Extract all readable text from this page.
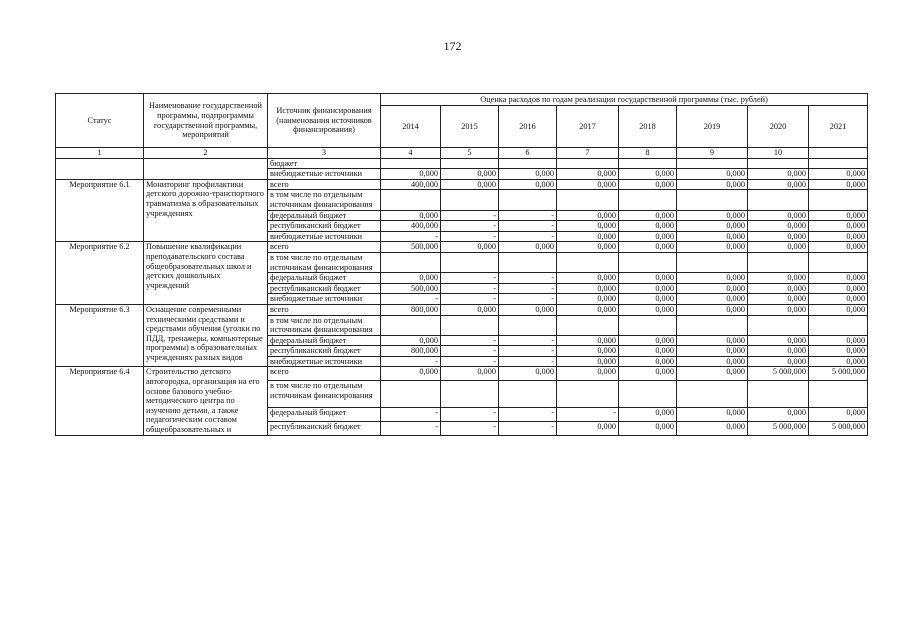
172
Статус	Наименование государственной программы, подпрограммы государственной программы, мероприятий	Источник финансирования (наименования источников финансирования)	Оценка расходов по годам реализации государственной программы (тыс. рублей)							
			2014	2015	2016	2017	2018	2019	2020	2021
1	2	3	4	5	6	7	8	9	10	
		бюджет								
		внебюджетные источники	0,000	0,000	0,000	0,000	0,000	0,000	0,000	0,000
Мероприятие 6.1	Мониторинг профилактики детского дорожно-транспортного травматизма в образовательных учреждениях	всего	400,000	0,000	0,000	0,000	0,000	0,000	0,000	0,000
		в том числе по отдельным источникам финансирования								
		федеральный бюджет	0,000	-	-	0,000	0,000	0,000	0,000	0,000
		республиканский бюджет	400,000	-	-	0,000	0,000	0,000	0,000	0,000
		внебюджетные источники	-	-	-	0,000	0,000	0,000	0,000	0,000
Мероприятие 6.2	Повышение квалификации преподавательского состава общеобразовательных школ и детских дошкольных учреждений	всего	500,000	0,000	0,000	0,000	0,000	0,000	0,000	0,000
		в том числе по отдельным источникам финансирования								
		федеральный бюджет	0,000	-	-	0,000	0,000	0,000	0,000	0,000
		республиканский бюджет	500,000	-	-	0,000	0,000	0,000	0,000	0,000
		внебюджетные источники	-	-	-	0,000	0,000	0,000	0,000	0,000
Мероприятие 6.3	Оснащение современными техническими средствами и средствами обучения (уголки по ПДД, тренажеры, компьютерные программы) в образовательных учреждениях разных видов	всего	800,000	0,000	0,000	0,000	0,000	0,000	0,000	0,000
		в том числе по отдельным источникам финансирования								
		федеральный бюджет	0,000	-	-	0,000	0,000	0,000	0,000	0,000
		республиканский бюджет	800,000	-	-	0,000	0,000	0,000	0,000	0,000
		внебюджетные источники	-	-	-	0,000	0,000	0,000	0,000	0,000
Мероприятие 6.4	Строительство детского автогородка, организация на его основе базового учебно-методического центра по изучению детьми, а также педагогическим составом общеобразовательных и	всего	0,000	0,000	0,000	0,000	0,000	0,000	5 000,000	5 000,000
		в том числе по отдельным источникам финансирования								
		федеральный бюджет	-	-	-	-	0,000	0,000	0,000	0,000
		республиканский бюджет	-	-	-	0,000	0,000	0,000	5 000,000	5 000,000
